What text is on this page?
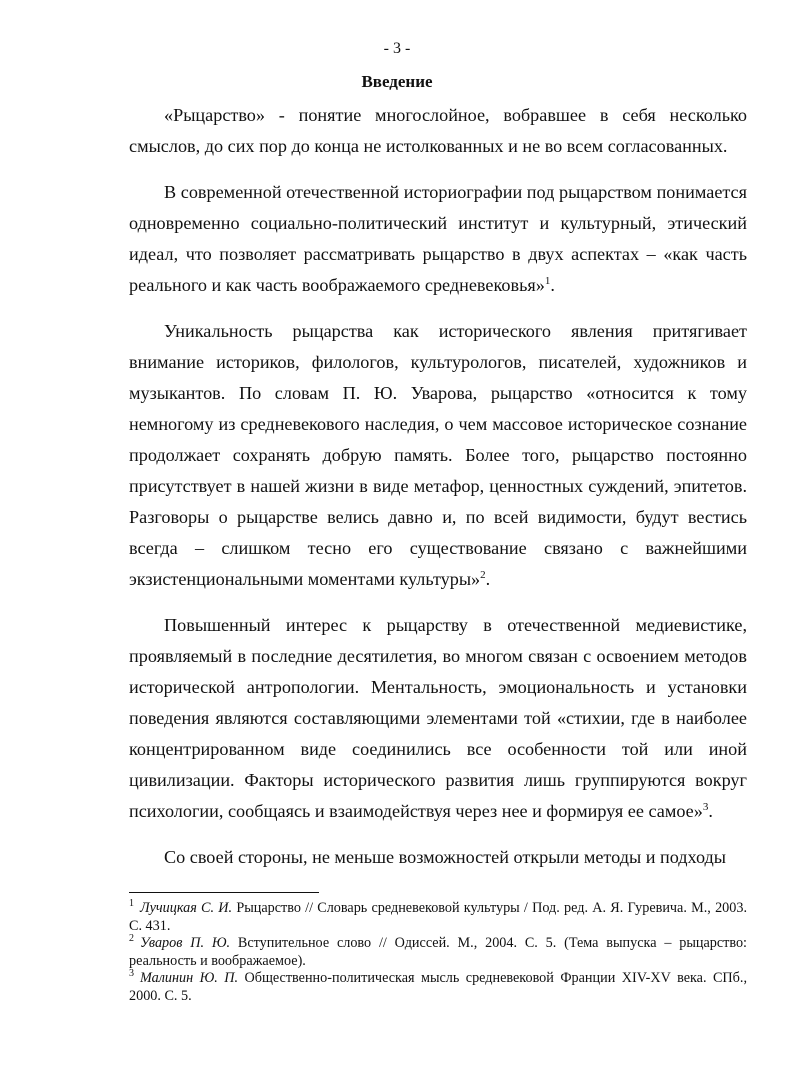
- 3 -
Введение

«Рыцарство» - понятие многослойное, вобравшее в себя несколько смыслов, до сих пор до конца не истолкованных и не во всем согласованных.

В современной отечественной историографии под рыцарством понимается одновременно социально-политический институт и культурный, этический идеал, что позволяет рассматривать рыцарство в двух аспектах – «как часть реального и как часть воображаемого средневековья»$^1$.

Уникальность рыцарства как исторического явления притягивает внимание историков, филологов, культурологов, писателей, художников и музыкантов. По словам П. Ю. Уварова, рыцарство «относится к тому немногому из средневекового наследия, о чем массовое историческое сознание продолжает сохранять добрую память. Более того, рыцарство постоянно присутствует в нашей жизни в виде метафор, ценностных суждений, эпитетов. Разговоры о рыцарстве велись давно и, по всей видимости, будут вестись всегда – слишком тесно его существование связано с важнейшими экзистенциональными моментами культуры»$^2$.

Повышенный интерес к рыцарству в отечественной медиевистике, проявляемый в последние десятилетия, во многом связан с освоением методов исторической антропологии. Ментальность, эмоциональность и установки поведения являются составляющими элементами той «стихии, где в наиболее концентрированном виде соединились все особенности той или иной цивилизации. Факторы исторического развития лишь группируются вокруг психологии, сообщаясь и взаимодействуя через нее и формируя ее самое»$^3$.

Со своей стороны, не меньше возможностей открыли методы и подходы

$^1$ Лучицкая С. И. Рыцарство // Словарь средневековой культуры / Под. ред. А. Я. Гуревича. М., 2003. С. 431.

$^2$ Уваров П. Ю. Вступительное слово // Одиссей. М., 2004. С. 5. (Тема выпуска – рыцарство: реальность и воображаемое).

$^3$ Малинин Ю. П. Общественно-политическая мысль средневековой Франции XIV-XV века. СПб., 2000. С. 5.
